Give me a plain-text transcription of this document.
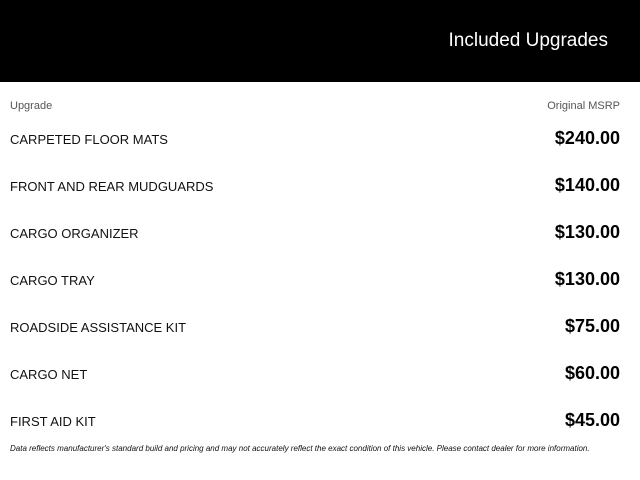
Included Upgrades
Upgrade	Original MSRP
CARPETED FLOOR MATS	$240.00
FRONT AND REAR MUDGUARDS	$140.00
CARGO ORGANIZER	$130.00
CARGO TRAY	$130.00
ROADSIDE ASSISTANCE KIT	$75.00
CARGO NET	$60.00
FIRST AID KIT	$45.00
Data reflects manufacturer's standard build and pricing and may not accurately reflect the exact condition of this vehicle. Please contact dealer for more information.
